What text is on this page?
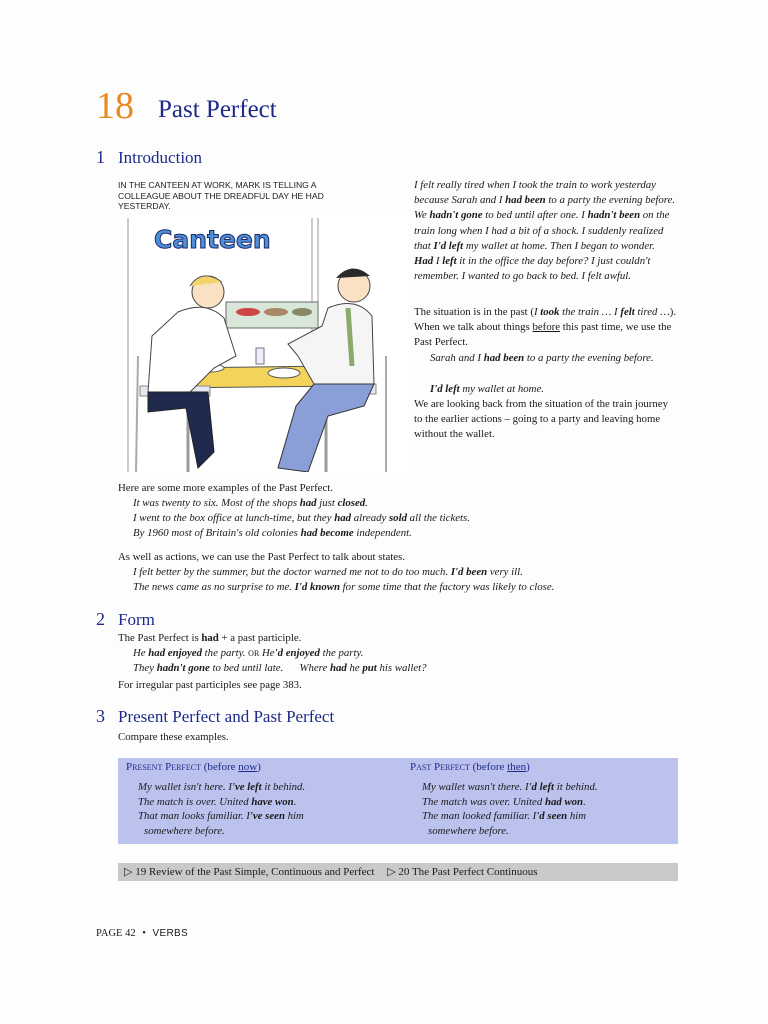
18 Past Perfect
1 Introduction
IN THE CANTEEN AT WORK, MARK IS TELLING A COLLEAGUE ABOUT THE DREADFUL DAY HE HAD YESTERDAY.
Canteen
I felt really tired when I took the train to work yesterday because Sarah and I had been to a party the evening before. We hadn't gone to bed until after one. I hadn't been on the train long when I had a bit of a shock. I suddenly realized that I'd left my wallet at home. Then I began to wonder. Had I left it in the office the day before? I just couldn't remember. I wanted to go back to bed. I felt awful.
The situation is in the past (I took the train … I felt tired …). When we talk about things before this past time, we use the Past Perfect.
Sarah and I had been to a party the evening before.
I'd left my wallet at home.
We are looking back from the situation of the train journey to the earlier actions – going to a party and leaving home without the wallet.
Here are some more examples of the Past Perfect.
It was twenty to six. Most of the shops had just closed.
I went to the box office at lunch-time, but they had already sold all the tickets.
By 1960 most of Britain's old colonies had become independent.
As well as actions, we can use the Past Perfect to talk about states.
I felt better by the summer, but the doctor warned me not to do too much. I'd been very ill.
The news came as no surprise to me. I'd known for some time that the factory was likely to close.
2 Form
The Past Perfect is had + a past participle.
He had enjoyed the party. or He'd enjoyed the party.
They hadn't gone to bed until late. Where had he put his wallet?
For irregular past participles see page 383.
3 Present Perfect and Past Perfect
Compare these examples.
Present Perfect (before now)	Past Perfect (before then)
My wallet isn't here. I've left it behind.
The match is over. United have won.
That man looks familiar. I've seen him
somewhere before.
My wallet wasn't there. I'd left it behind.
The match was over. United had won.
The man looked familiar. I'd seen him
somewhere before.
▷ 19 Review of the Past Simple, Continuous and Perfect ▷ 20 The Past Perfect Continuous
PAGE 42 • VERBS
